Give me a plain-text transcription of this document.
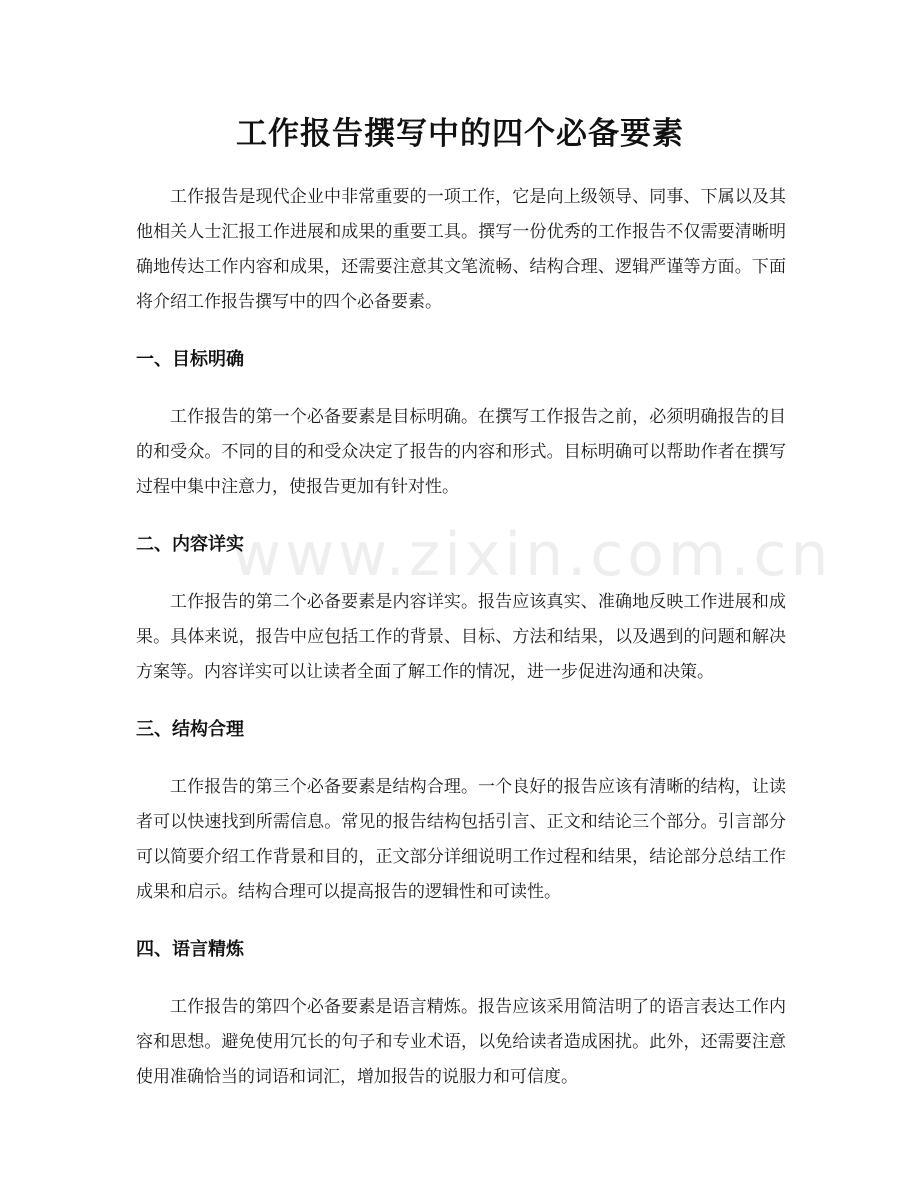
www.zixin.com.cn
工作报告撰写中的四个必备要素

工作报告是现代企业中非常重要的一项工作，它是向上级领导、同事、下属以及其他相关人士汇报工作进展和成果的重要工具。撰写一份优秀的工作报告不仅需要清晰明确地传达工作内容和成果，还需要注意其文笔流畅、结构合理、逻辑严谨等方面。下面将介绍工作报告撰写中的四个必备要素。

一、目标明确

工作报告的第一个必备要素是目标明确。在撰写工作报告之前，必须明确报告的目的和受众。不同的目的和受众决定了报告的内容和形式。目标明确可以帮助作者在撰写过程中集中注意力，使报告更加有针对性。

二、内容详实

工作报告的第二个必备要素是内容详实。报告应该真实、准确地反映工作进展和成果。具体来说，报告中应包括工作的背景、目标、方法和结果，以及遇到的问题和解决方案等。内容详实可以让读者全面了解工作的情况，进一步促进沟通和决策。

三、结构合理

工作报告的第三个必备要素是结构合理。一个良好的报告应该有清晰的结构，让读者可以快速找到所需信息。常见的报告结构包括引言、正文和结论三个部分。引言部分可以简要介绍工作背景和目的，正文部分详细说明工作过程和结果，结论部分总结工作成果和启示。结构合理可以提高报告的逻辑性和可读性。

四、语言精炼

工作报告的第四个必备要素是语言精炼。报告应该采用简洁明了的语言表达工作内容和思想。避免使用冗长的句子和专业术语，以免给读者造成困扰。此外，还需要注意使用准确恰当的词语和词汇，增加报告的说服力和可信度。
